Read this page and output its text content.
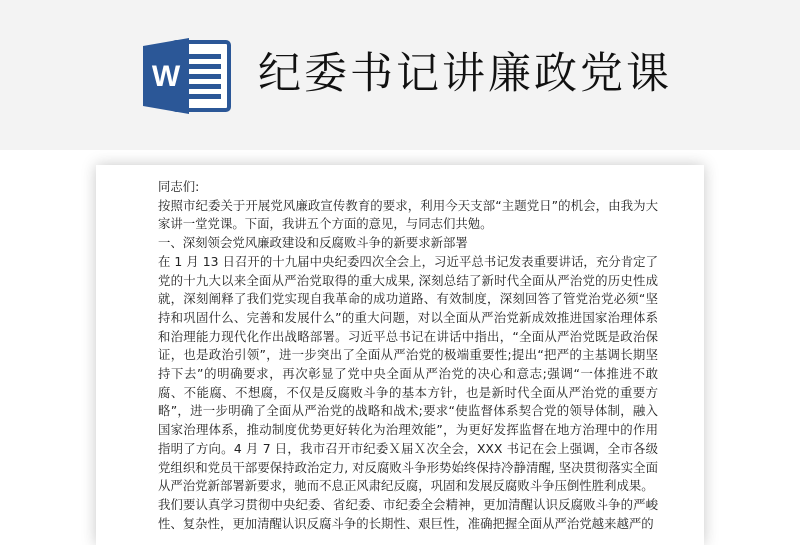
W 纪委书记讲廉政党课

同志们:

按照市纪委关于开展党风廉政宣传教育的要求，利用今天支部“主题党日”的机会，由我为大家讲一堂党课。下面，我讲五个方面的意见，与同志们共勉。

一、深刻领会党风廉政建设和反腐败斗争的新要求新部署

在 1 月 13 日召开的十九届中央纪委四次全会上，习近平总书记发表重要讲话，充分肯定了党的十九大以来全面从严治党取得的重大成果, 深刻总结了新时代全面从严治党的历史性成就，深刻阐释了我们党实现自我革命的成功道路、有效制度，深刻回答了管党治党必须“坚持和巩固什么、完善和发展什么”的重大问题，对以全面从严治党新成效推进国家治理体系和治理能力现代化作出战略部署。习近平总书记在讲话中指出，“全面从严治党既是政治保证，也是政治引领”，进一步突出了全面从严治党的极端重要性;提出“把严的主基调长期坚持下去”的明确要求，再次彰显了党中央全面从严治党的决心和意志;强调“一体推进不敢腐、不能腐、不想腐，不仅是反腐败斗争的基本方针，也是新时代全面从严治党的重要方略”，进一步明确了全面从严治党的战略和战术;要求“使监督体系契合党的领导体制，融入国家治理体系，推动制度优势更好转化为治理效能”，为更好发挥监督在地方治理中的作用指明了方向。4 月 7 日，我市召开市纪委Ｘ届Ｘ次全会，XXX 书记在会上强调，全市各级党组织和党员干部要保持政治定力, 对反腐败斗争形势始终保持冷静清醒, 坚决贯彻落实全面从严治党新部署新要求，驰而不息正风肃纪反腐，巩固和发展反腐败斗争压倒性胜利成果。

我们要认真学习贯彻中央纪委、省纪委、市纪委全会精神，更加清醒认识反腐败斗争的严峻性、复杂性，更加清醒认识反腐斗争的长期性、艰巨性，准确把握全面从严治党越来越严的
